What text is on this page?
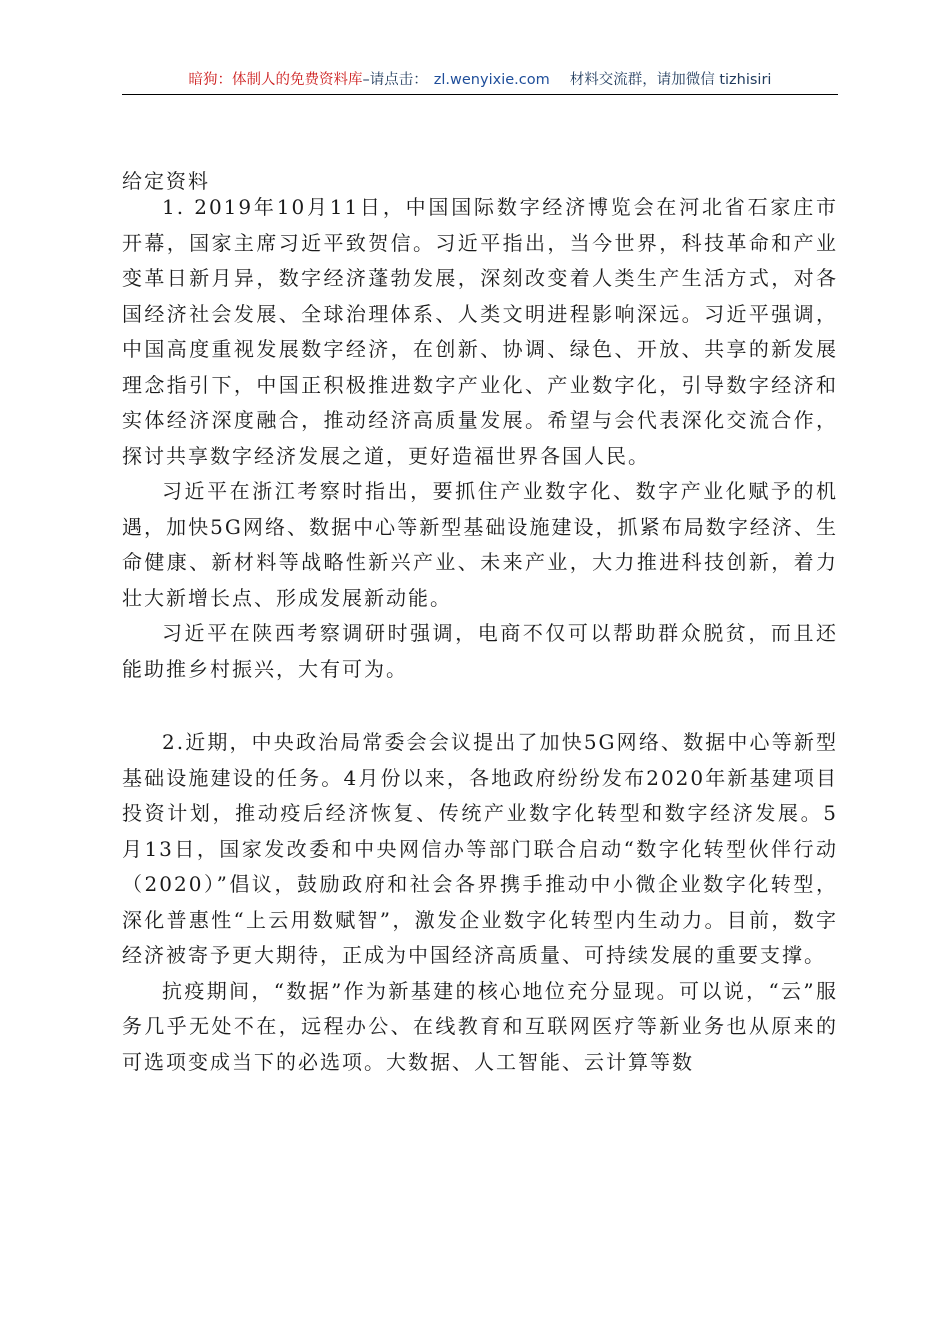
暗狗：体制人的免费资料库–请点击： zl.wenyixie.com 材料交流群，请加微信 tizhisiri
给定资料

1. 2019年10月11日，中国国际数字经济博览会在河北省石家庄市开幕，国家主席习近平致贺信。习近平指出，当今世界，科技革命和产业变革日新月异，数字经济蓬勃发展，深刻改变着人类生产生活方式，对各国经济社会发展、全球治理体系、人类文明进程影响深远。习近平强调，中国高度重视发展数字经济，在创新、协调、绿色、开放、共享的新发展理念指引下，中国正积极推进数字产业化、产业数字化，引导数字经济和实体经济深度融合，推动经济高质量发展。希望与会代表深化交流合作，探讨共享数字经济发展之道，更好造福世界各国人民。

习近平在浙江考察时指出，要抓住产业数字化、数字产业化赋予的机遇，加快5G网络、数据中心等新型基础设施建设，抓紧布局数字经济、生命健康、新材料等战略性新兴产业、未来产业，大力推进科技创新，着力壮大新增长点、形成发展新动能。

习近平在陕西考察调研时强调，电商不仅可以帮助群众脱贫，而且还能助推乡村振兴，大有可为。

2.近期，中央政治局常委会会议提出了加快5G网络、数据中心等新型基础设施建设的任务。4月份以来，各地政府纷纷发布2020年新基建项目投资计划，推动疫后经济恢复、传统产业数字化转型和数字经济发展。5月13日，国家发改委和中央网信办等部门联合启动“数字化转型伙伴行动（2020）”倡议，鼓励政府和社会各界携手推动中小微企业数字化转型，深化普惠性“上云用数赋智”，激发企业数字化转型内生动力。目前，数字经济被寄予更大期待，正成为中国经济高质量、可持续发展的重要支撑。

抗疫期间，“数据”作为新基建的核心地位充分显现。可以说，“云”服务几乎无处不在，远程办公、在线教育和互联网医疗等新业务也从原来的可选项变成当下的必选项。大数据、人工智能、云计算等数
